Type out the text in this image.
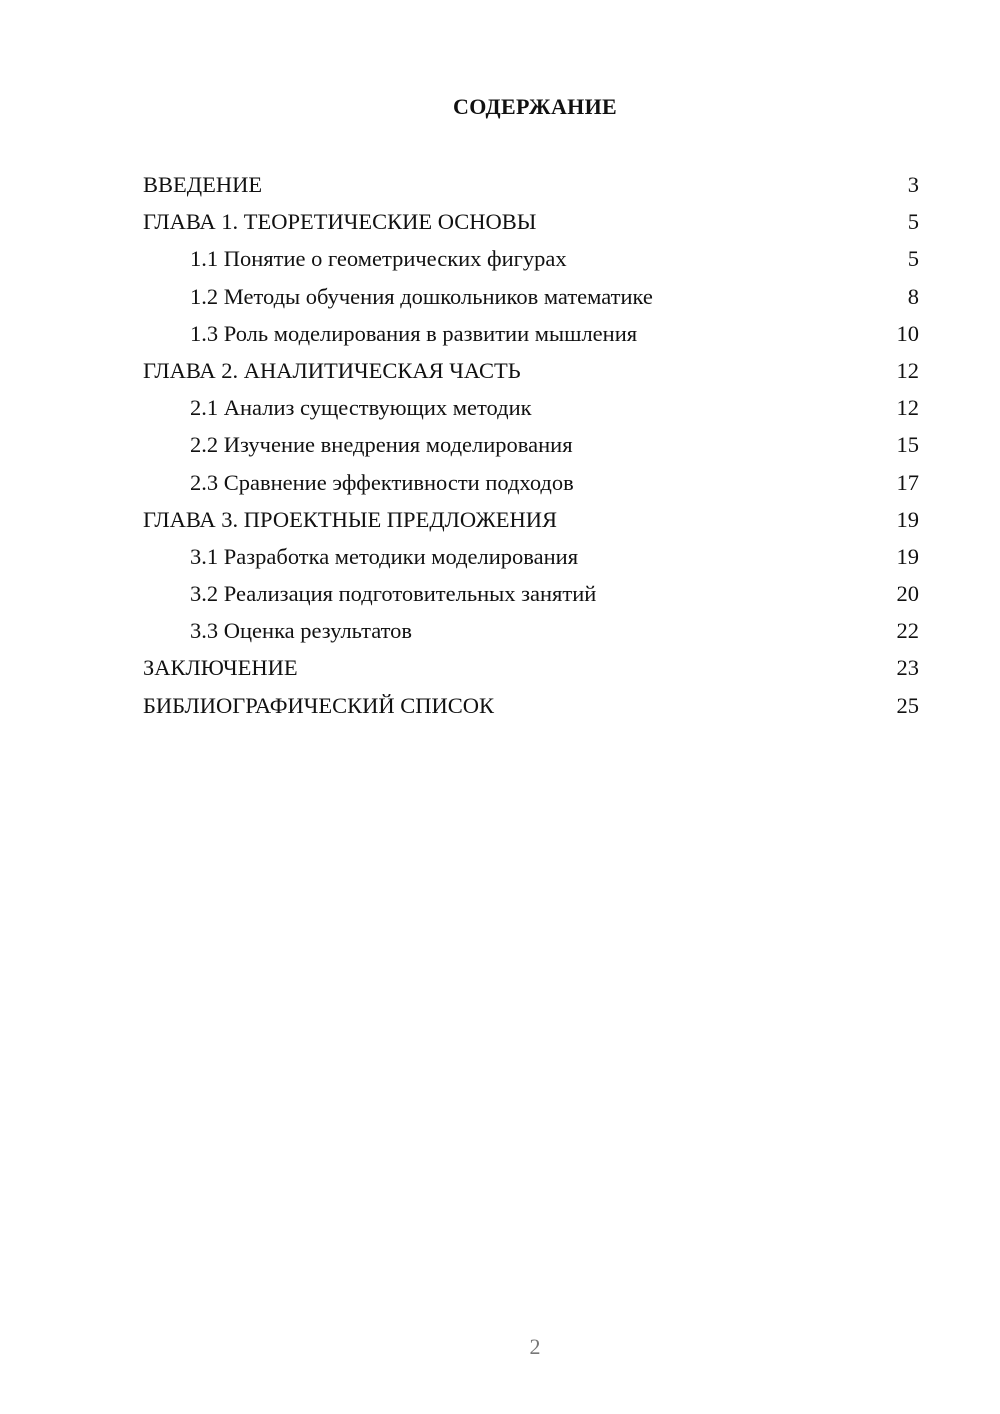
СОДЕРЖАНИЕ
ВВЕДЕНИЕ	3
ГЛАВА 1. ТЕОРЕТИЧЕСКИЕ ОСНОВЫ	5
1.1 Понятие о геометрических фигурах	5
1.2 Методы обучения дошкольников математике	8
1.3 Роль моделирования в развитии мышления	10
ГЛАВА 2. АНАЛИТИЧЕСКАЯ ЧАСТЬ	12
2.1 Анализ существующих методик	12
2.2 Изучение внедрения моделирования	15
2.3 Сравнение эффективности подходов	17
ГЛАВА 3. ПРОЕКТНЫЕ ПРЕДЛОЖЕНИЯ	19
3.1 Разработка методики моделирования	19
3.2 Реализация подготовительных занятий	20
3.3 Оценка результатов	22
ЗАКЛЮЧЕНИЕ	23
БИБЛИОГРАФИЧЕСКИЙ СПИСОК	25
2
